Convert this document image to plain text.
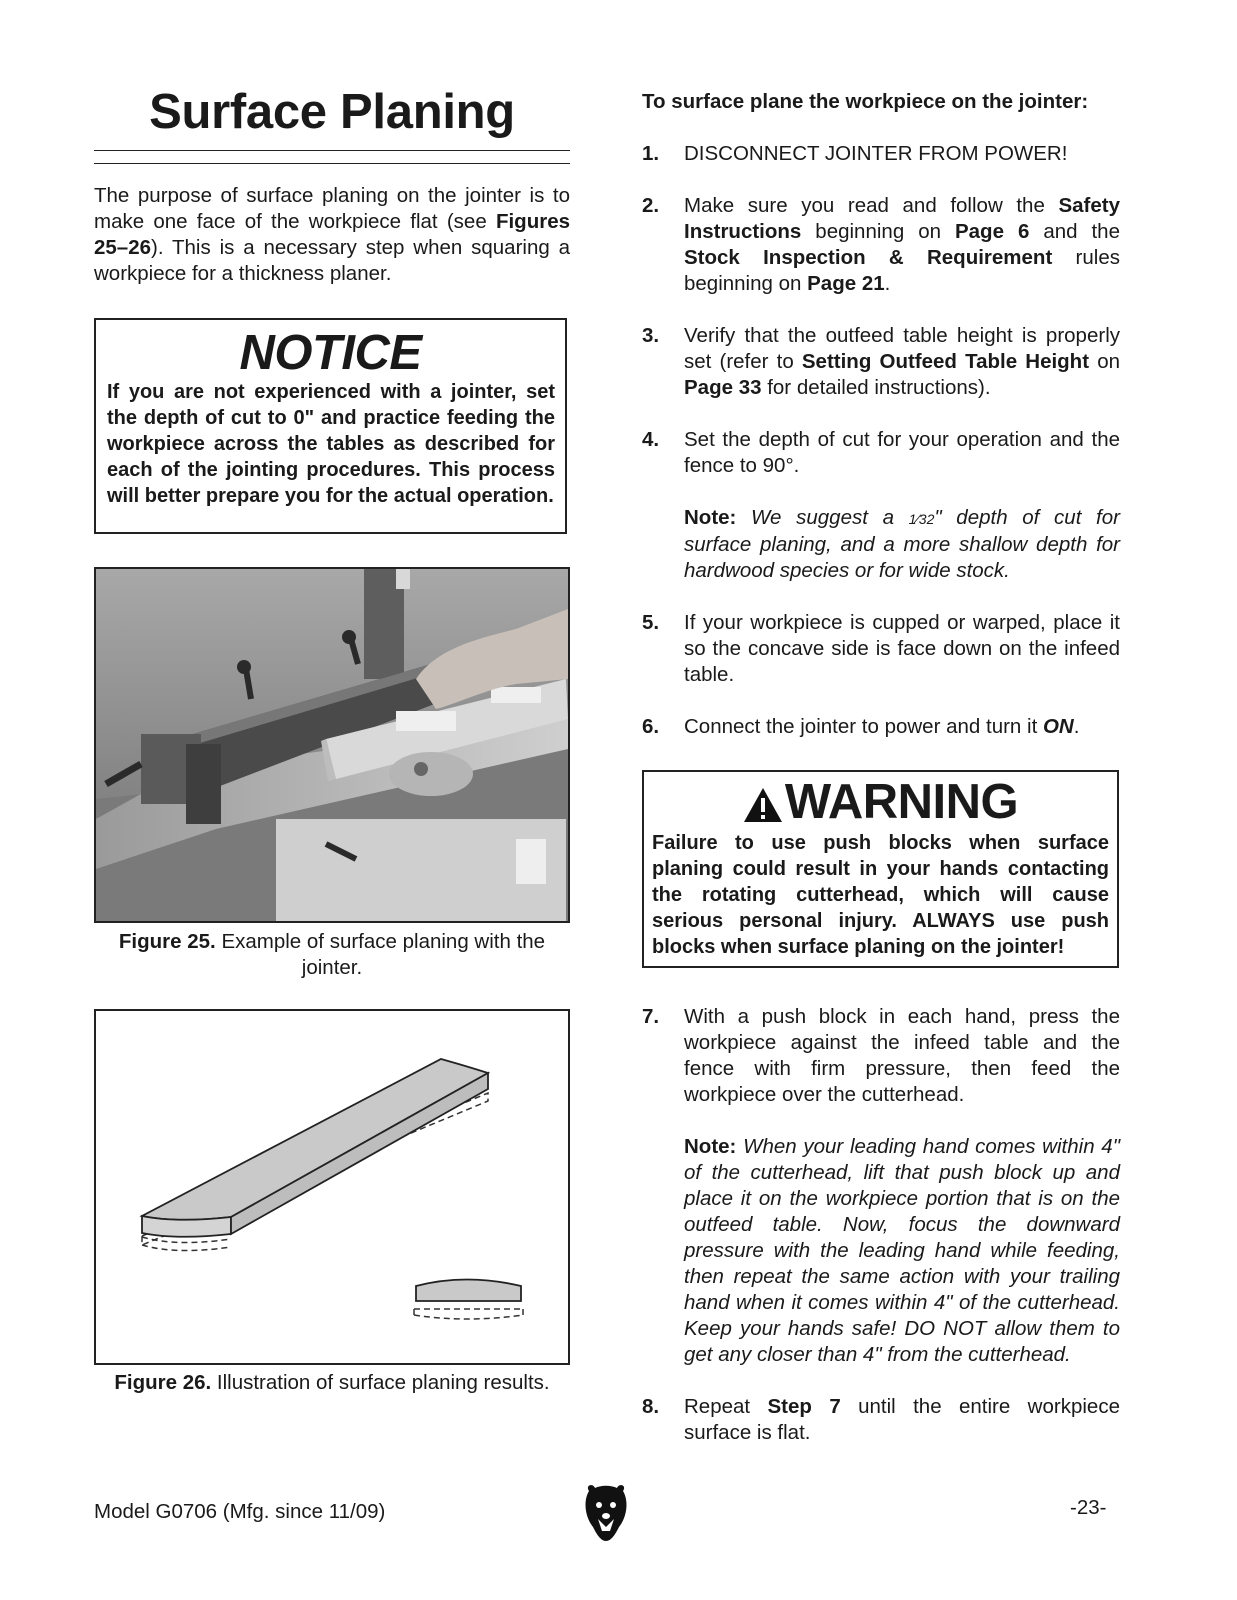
Surface Planing

The purpose of surface planing on the jointer is to make one face of the workpiece flat (see Figures 25–26). This is a necessary step when squaring a workpiece for a thickness planer.

NOTICE
If you are not experienced with a jointer, set the depth of cut to 0" and practice feeding the workpiece across the tables as described for each of the jointing procedures. This process will better prepare you for the actual operation.
Figure 25. Example of surface planing with the jointer.
Figure 26. Illustration of surface planing results.

To surface plane the workpiece on the jointer:

1. DISCONNECT JOINTER FROM POWER!

2. Make sure you read and follow the Safety Instructions beginning on Page 6 and the Stock Inspection & Requirement rules beginning on Page 21.

3. Verify that the outfeed table height is properly set (refer to Setting Outfeed Table Height on Page 33 for detailed instructions).

4. Set the depth of cut for your operation and the fence to 90°.

Note: We suggest a 1⁄32" depth of cut for surface planing, and a more shallow depth for hardwood species or for wide stock.

5. If your workpiece is cupped or warped, place it so the concave side is face down on the infeed table.

6. Connect the jointer to power and turn it ON.

WARNING
Failure to use push blocks when surface planing could result in your hands contacting the rotating cutterhead, which will cause serious personal injury. ALWAYS use push blocks when surface planing on the jointer!

7. With a push block in each hand, press the workpiece against the infeed table and the fence with firm pressure, then feed the workpiece over the cutterhead.

Note: When your leading hand comes within 4" of the cutterhead, lift that push block up and place it on the workpiece portion that is on the outfeed table. Now, focus the downward pressure with the leading hand while feeding, then repeat the same action with your trailing hand when it comes within 4" of the cutterhead. Keep your hands safe! DO NOT allow them to get any closer than 4" from the cutterhead.

8. Repeat Step 7 until the entire workpiece surface is flat.

Model G0706 (Mfg. since 11/09)	-23-
